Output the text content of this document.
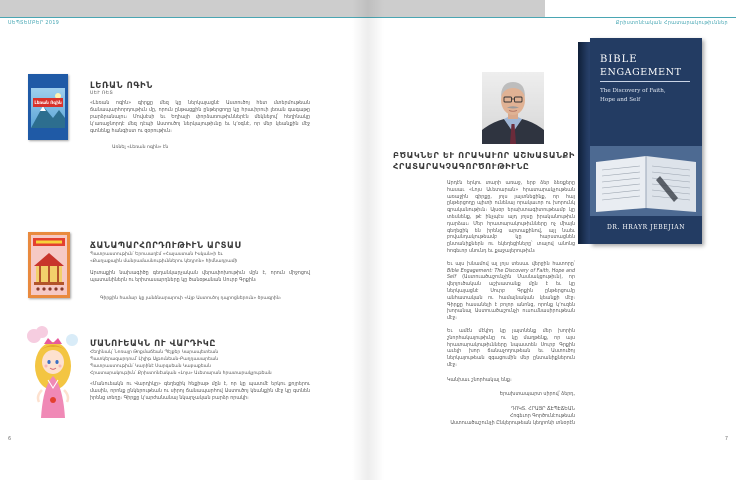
ՍԵՊՏԵՄԲԵՐ 2019	Քրիստոնէական Հրատարակութիւններ
Լեռան Ոգին
ԼԵՌԱՆ ՈԳԻՆ
ՍԵՒ ՌԵՏ
«Լեռան ոգին» գիրքը մեզ կը ներկայացնէ Աստուծոյ հետ մտերմութեան ճանապարհորդութիւն մը, որուն ընթացքին ընթերցողը կը հրաւիրուի լեռան գագաթը բարձրանալու։ Մովսէսի եւ Եղիայի փորձառութիւններէն մեկնելով՝ հեղինակը կ՚առաջնորդէ մեզ դէպի Աստուծոյ ներկայութիւնը եւ կ՚օգնէ, որ մեր կեանքին մէջ գտնենք հանգիստ ու զօրութիւն։
Առնել «Լեռան ոգին» էն
ՃԱՆԱՊԱՐՀՈՐԴՈՒԹԻՒՆ ԱՐՏԱՍ
Պատրաստութիւն՝ Երուսաղէմ «Հայաստան Իսկան»ի եւ
«Քաղաքային մանրամասնութիւններու կեդրոն» հիմնադրամի
Արտաքին նախագիծը գեղանկարչական վերափոխութիւն մըն է, որուն միջոցով պատանիներն ու երիտասարդները կը ծանօթանան Սուրբ Գրքին։
Գիրքին համար կը յանձնարարուի «Այբ Աստուծոյ դպրոցներուն» ծրագրին։
ՄԱՆՈՒԵԱԿՆ ՈՒ ՎԱՐԴԻԿԸ
Հեղինակ՝ Նոռայր Թոքմաճեան Պէյքեր Կարապետեան
Պատկերազարդում՝ Լիլիթ Ալթունեան-Բաղդասարեան
Պատրաստութիւն՝ Կարինէ Սարգսեան Կաբաքեան
Հրատարակութիւն՝ Քրիստոնէական «Լոյս» Աւետարան հրատարակչութեան
«Մանուեակն ու Վարդիկը» գեղեցիկ հեքիաթ մըն է, որ կը պատմէ երկու քոյրերու մասին, որոնք ընկերութեան ու սիրոյ ճանապարհով Աստուծոյ կեանքին մէջ կը գտնեն իրենց տեղը։ Գիրքը կ՚արժանանայ նկարչական բարձր որակի։
6
BIBLE
ENGAGEMENT
The Discovery of Faith,
Hope and Self
DR. HRAYR JEBEJIAN
ԲԾԱԿՆԵՐ ԵՒ ՈՐԱԿԱՒՈՐ ԱՇԽԱՏԱՆՔԻ
ՀՐԱՏԱՐԱԿՉԱԳՈՐԾՈՒԹԻՒՆԸ

Արդէն երկու տարի առաջ, երբ ձեր ձեռքերը հասաւ «Լոյս Աւետարան» հրատարակչութեան առաջին գիրքը, յոյս յայտնեցինք, որ հայ ընթերցողը պիտի ունենայ որակաւոր ու խորունկ գրականութիւն։ Այսօր երախտագիտութեամբ կը տեսնենք, թէ ինչպէս այդ յոյսը իրականութիւն դարձաւ։ Մեր հրատարակութիւնները ոչ միայն գեղեցիկ են իրենց արտաքինով, այլ նաեւ բովանդակութեամբ կը հարստացնեն ընտանիքներն ու եկեղեցիները՝ տալով անոնց հոգեւոր սնունդ եւ քաջալերութիւն։

Եւ այս խնամով ալ լոյս տեսաւ վերջին հատորը՝ Bible Engagement: The Discovery of Faith, Hope and Self (Աստուածաշունչին Մասնակցութիւն), որ վերլուծական աշխատանք մըն է եւ կը ներկայացնէ Սուրբ Գրքին ընթերցումը անհատական ու համայնական կեանքի մէջ։ Գիրքը հասանելի է բոլոր անոնց, որոնք կ՚ուզեն խորանալ Աստուածաշունչի ուսումնասիրութեան մէջ։

Եւ ամէն մէկիդ կը յայտնենք մեր խորին շնորհակալութիւնը ու կը մաղթենք, որ այս հրատարակութիւնները նպաստեն Սուրբ Գրքին աւելի խոր ճանաչողութեան եւ Աստուծոյ ներկայութեան զգացումին մեր ընտանիքներուն մէջ։

Կանխաւ շնորհակալ ենք։
Երախտապարտ սիրով՝ ձերդ,
ԴՈԿՏ. ՀՐԱՅՐ ՃԷՊԷՃԵԱՆ
Հոգեւոր Գործունէութեան
Աստուածաշունչի Ընկերութեան կեդրոնի տնօրէն
7
